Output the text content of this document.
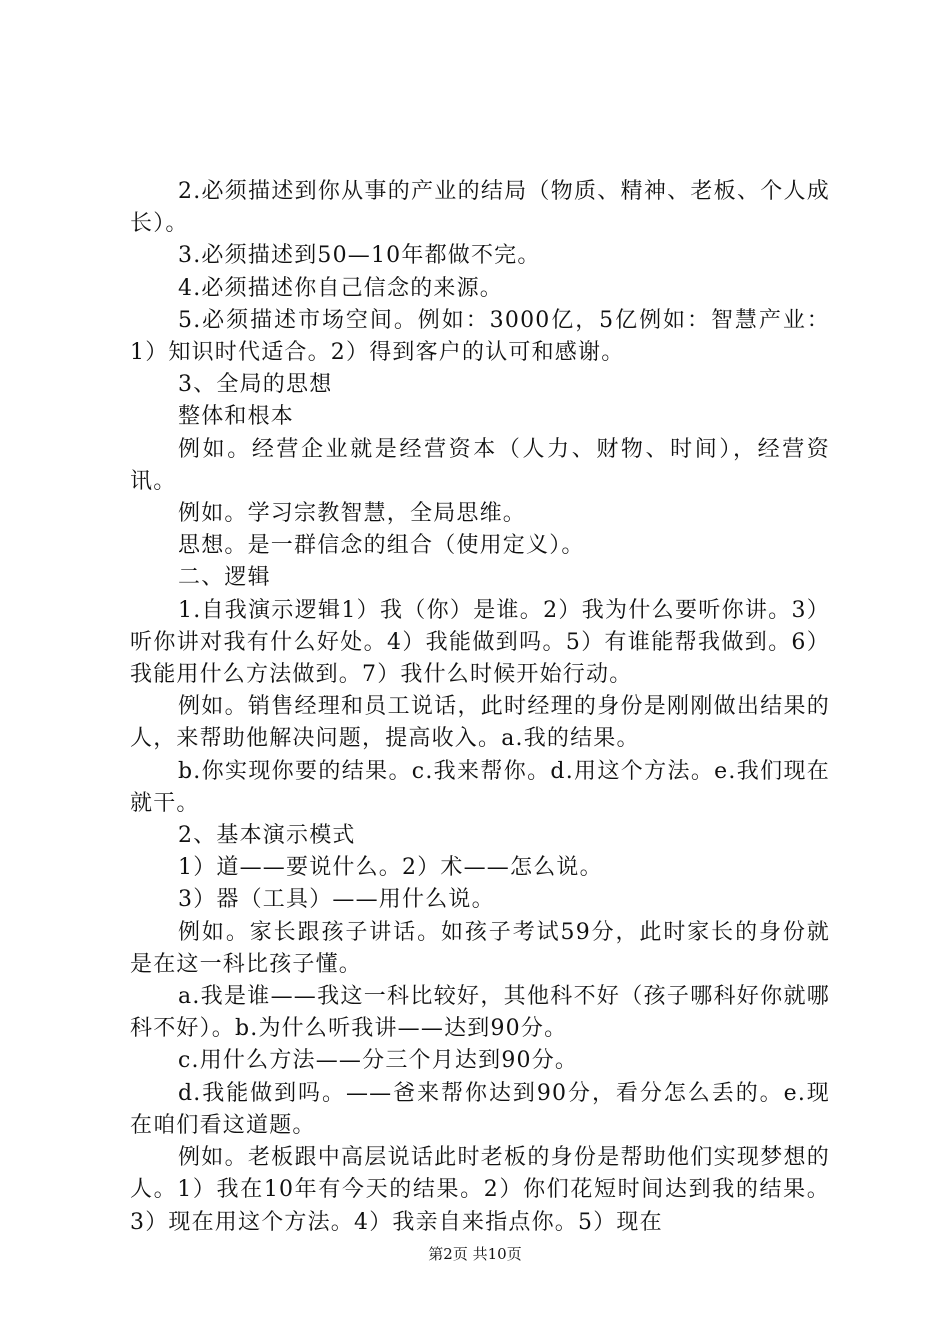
2.必须描述到你从事的产业的结局（物质、精神、老板、个人成长）。

3.必须描述到50—10年都做不完。

4.必须描述你自己信念的来源。

5.必须描述市场空间。例如：3000亿，5亿例如：智慧产业：1）知识时代适合。2）得到客户的认可和感谢。

3、全局的思想

整体和根本

例如。经营企业就是经营资本（人力、财物、时间），经营资讯。

例如。学习宗教智慧，全局思维。

思想。是一群信念的组合（使用定义）。

二、逻辑

1.自我演示逻辑1）我（你）是谁。2）我为什么要听你讲。3）听你讲对我有什么好处。4）我能做到吗。5）有谁能帮我做到。6）我能用什么方法做到。7）我什么时候开始行动。

例如。销售经理和员工说话，此时经理的身份是刚刚做出结果的人，来帮助他解决问题，提高收入。a.我的结果。

b.你实现你要的结果。c.我来帮你。d.用这个方法。e.我们现在就干。

2、基本演示模式

1）道——要说什么。2）术——怎么说。

3）器（工具）——用什么说。

例如。家长跟孩子讲话。如孩子考试59分，此时家长的身份就是在这一科比孩子懂。

a.我是谁——我这一科比较好，其他科不好（孩子哪科好你就哪科不好）。b.为什么听我讲——达到90分。

c.用什么方法——分三个月达到90分。

d.我能做到吗。——爸来帮你达到90分，看分怎么丢的。e.现在咱们看这道题。

例如。老板跟中高层说话此时老板的身份是帮助他们实现梦想的人。1）我在10年有今天的结果。2）你们花短时间达到我的结果。3）现在用这个方法。4）我亲自来指点你。5）现在

第2页 共10页
